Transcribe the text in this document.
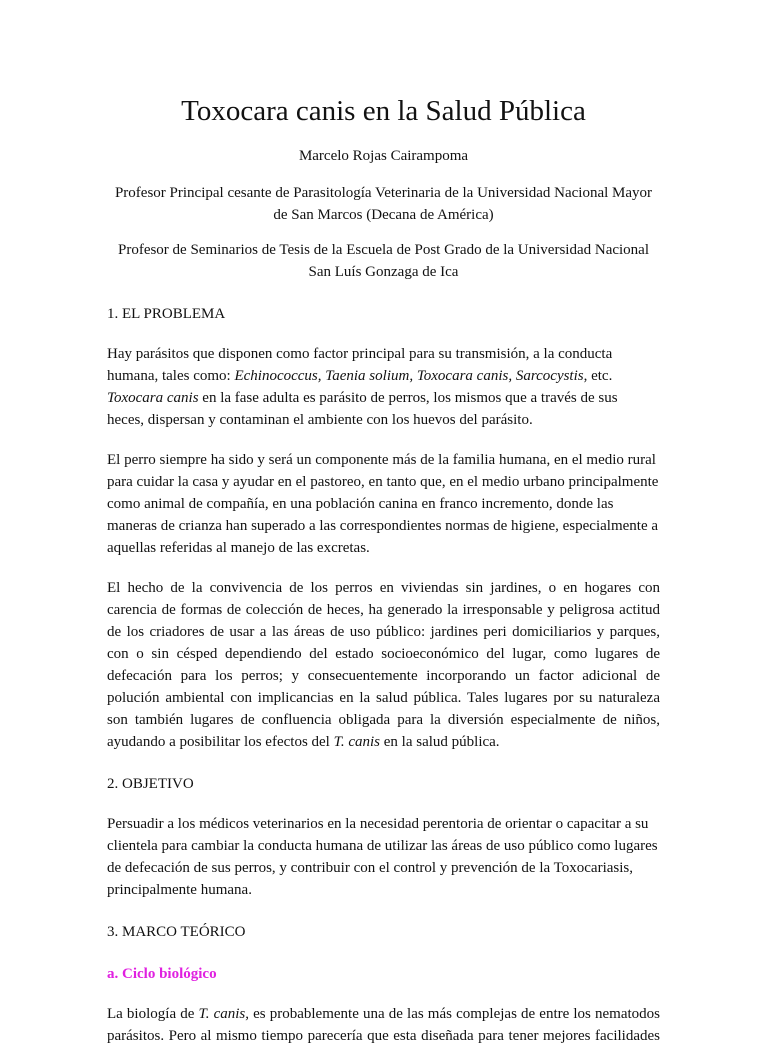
Toxocara canis en la Salud Pública
Marcelo Rojas Cairampoma
Profesor Principal cesante de Parasitología Veterinaria de la Universidad Nacional Mayor
de San Marcos (Decana de América)
Profesor de Seminarios de Tesis de la Escuela de Post Grado de la Universidad Nacional
San Luís Gonzaga de Ica
1. EL PROBLEMA

Hay parásitos que disponen como factor principal para su transmisión, a la conducta
humana, tales como: Echinococcus, Taenia solium, Toxocara canis, Sarcocystis, etc.
Toxocara canis en la fase adulta es parásito de perros, los mismos que a través de sus
heces, dispersan y contaminan el ambiente con los huevos del parásito.

El perro siempre ha sido y será un componente más de la familia humana, en el medio rural
para cuidar la casa y ayudar en el pastoreo, en tanto que, en el medio urbano principalmente
como animal de compañía, en una población canina en franco incremento, donde las
maneras de crianza han superado a las correspondientes normas de higiene, especialmente a
aquellas referidas al manejo de las excretas.

El hecho de la convivencia de los perros en viviendas sin jardines, o en hogares con
carencia de formas de colección de heces, ha generado la irresponsable y peligrosa actitud
de los criadores de usar a las áreas de uso público: jardines peri domiciliarios y parques,
con o sin césped dependiendo del estado socioeconómico del lugar, como lugares de
defecación para los perros; y consecuentemente incorporando un factor adicional de
polución ambiental con implicancias en la salud pública. Tales lugares por su naturaleza
son también lugares de confluencia obligada para la diversión especialmente de niños,
ayudando a posibilitar los efectos del T. canis en la salud pública.

2. OBJETIVO

Persuadir a los médicos veterinarios en la necesidad perentoria de orientar o capacitar a su
clientela para cambiar la conducta humana de utilizar las áreas de uso público como lugares
de defecación de sus perros, y contribuir con el control y prevención de la Toxocariasis,
principalmente humana.

3. MARCO TEÓRICO
a. Ciclo biológico

La biología de T. canis, es probablemente una de las más complejas de entre los nematodos
parásitos. Pero al mismo tiempo parecería que esta diseñada para tener mejores facilidades
